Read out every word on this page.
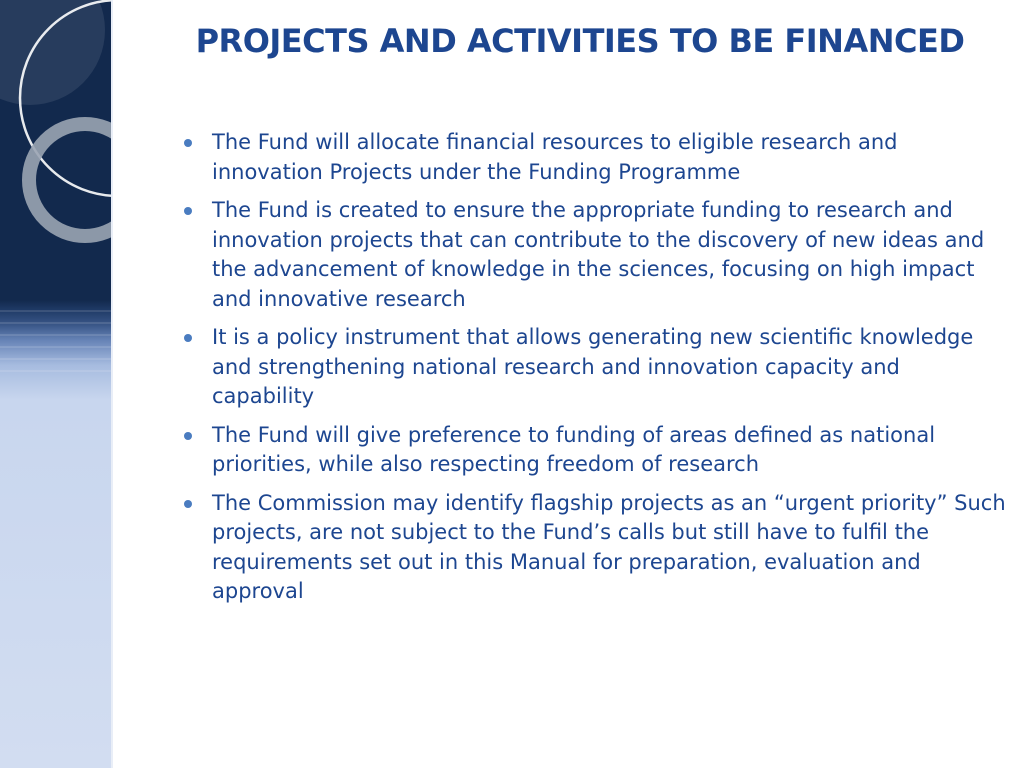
PROJECTS AND ACTIVITIES TO BE FINANCED
The Fund will allocate financial resources to eligible research and innovation Projects under the Funding Programme
The Fund is created to ensure the appropriate funding to research and innovation projects that can contribute to the discovery of new ideas and the advancement of knowledge in the sciences, focusing on high impact and innovative research
It is a policy instrument that allows generating new scientific knowledge and strengthening national research and innovation capacity and capability
The Fund will give preference to funding of areas defined as national priorities, while also respecting freedom of research
The Commission may identify flagship projects as an “urgent priority” Such projects, are not subject to the Fund’s calls but still have to fulfil the requirements set out in this Manual for preparation, evaluation and approval
